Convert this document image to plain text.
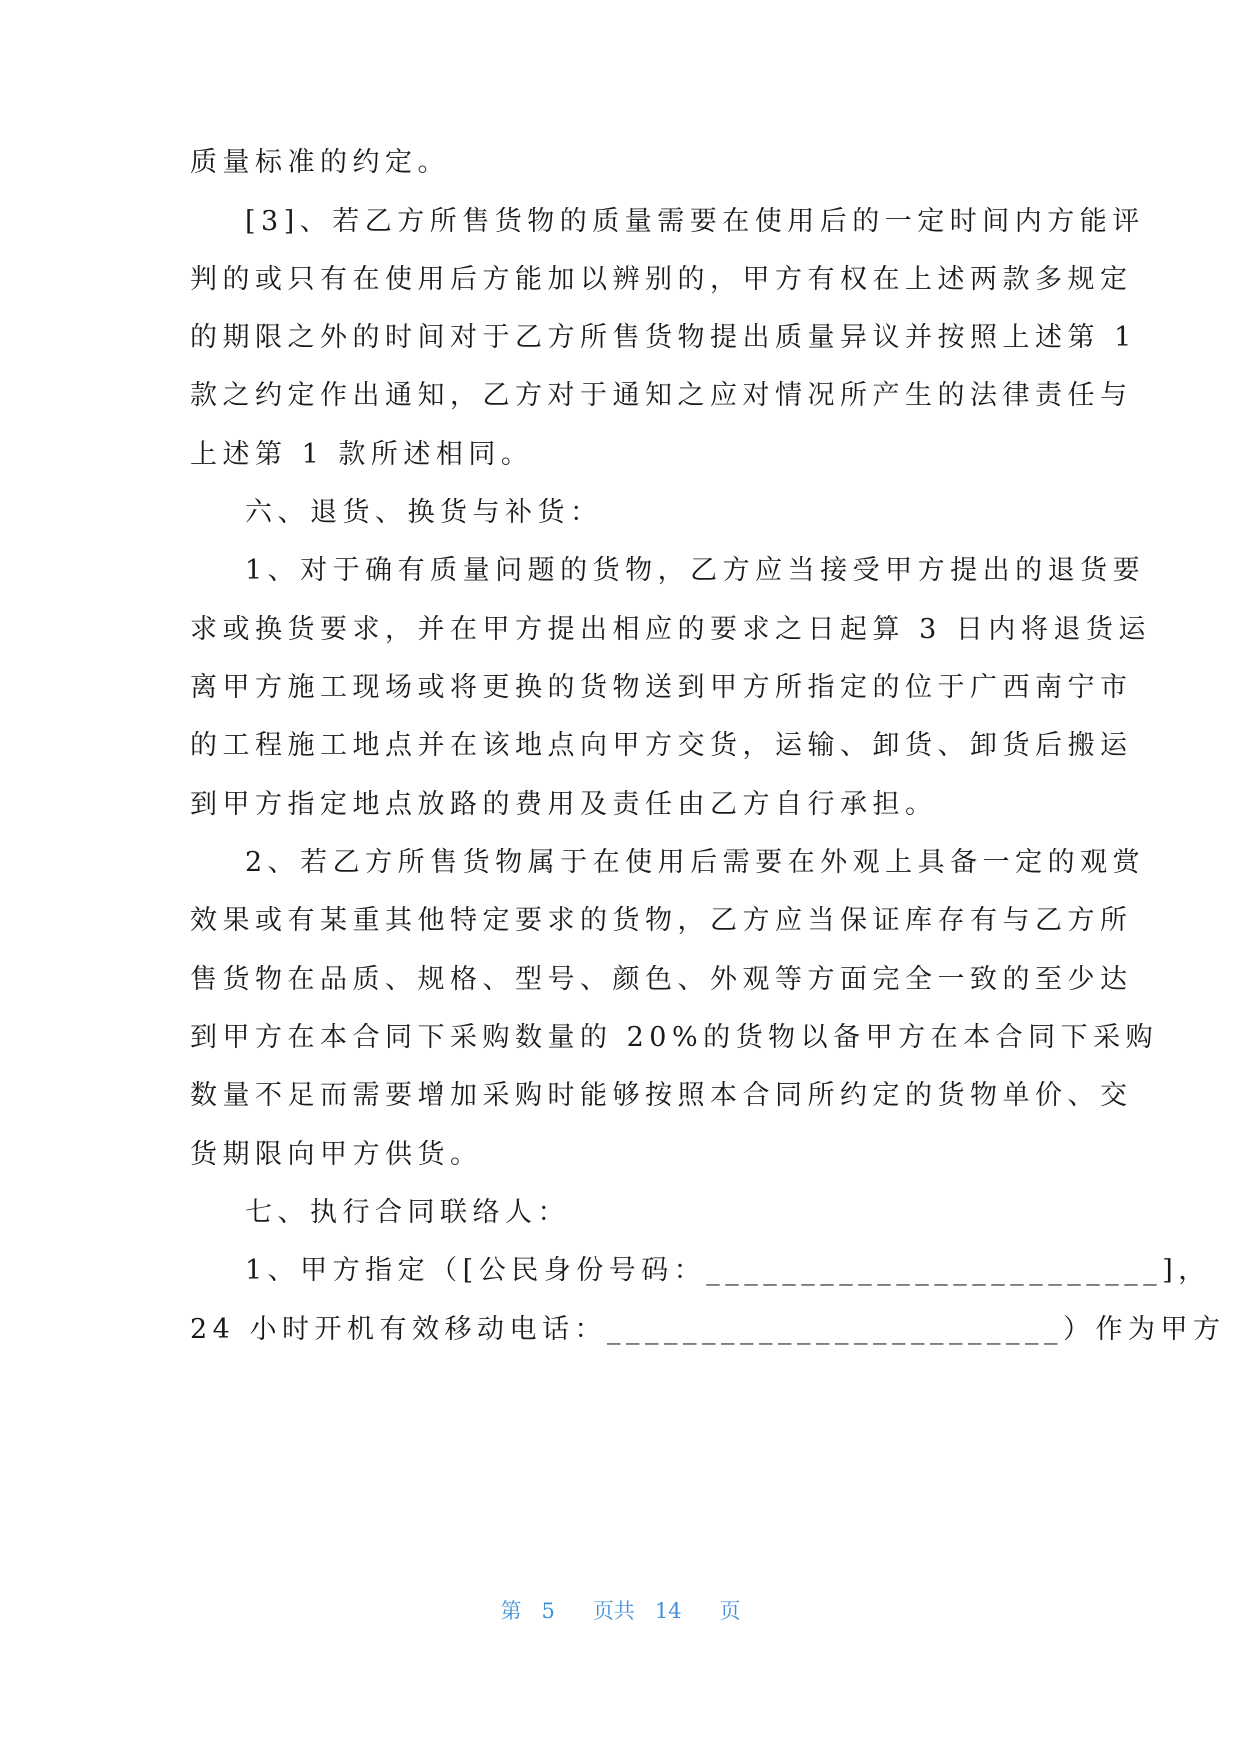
质量标准的约定。
[3]、若乙方所售货物的质量需要在使用后的一定时间内方能评
判的或只有在使用后方能加以辨别的，甲方有权在上述两款多规定
的期限之外的时间对于乙方所售货物提出质量异议并按照上述第 1
款之约定作出通知，乙方对于通知之应对情况所产生的法律责任与
上述第 1 款所述相同。
六、退货、换货与补货：
1、对于确有质量问题的货物，乙方应当接受甲方提出的退货要
求或换货要求，并在甲方提出相应的要求之日起算 3 日内将退货运
离甲方施工现场或将更换的货物送到甲方所指定的位于广西南宁市
的工程施工地点并在该地点向甲方交货，运输、卸货、卸货后搬运
到甲方指定地点放路的费用及责任由乙方自行承担。
2、若乙方所售货物属于在使用后需要在外观上具备一定的观赏
效果或有某重其他特定要求的货物，乙方应当保证库存有与乙方所
售货物在品质、规格、型号、颜色、外观等方面完全一致的至少达
到甲方在本合同下采购数量的 20%的货物以备甲方在本合同下采购
数量不足而需要增加采购时能够按照本合同所约定的货物单价、交
货期限向甲方供货。
七、执行合同联络人：
1、甲方指定（[公民身份号码：________________________]，
24 小时开机有效移动电话：________________________）作为甲方
第 5 页共 14 页
